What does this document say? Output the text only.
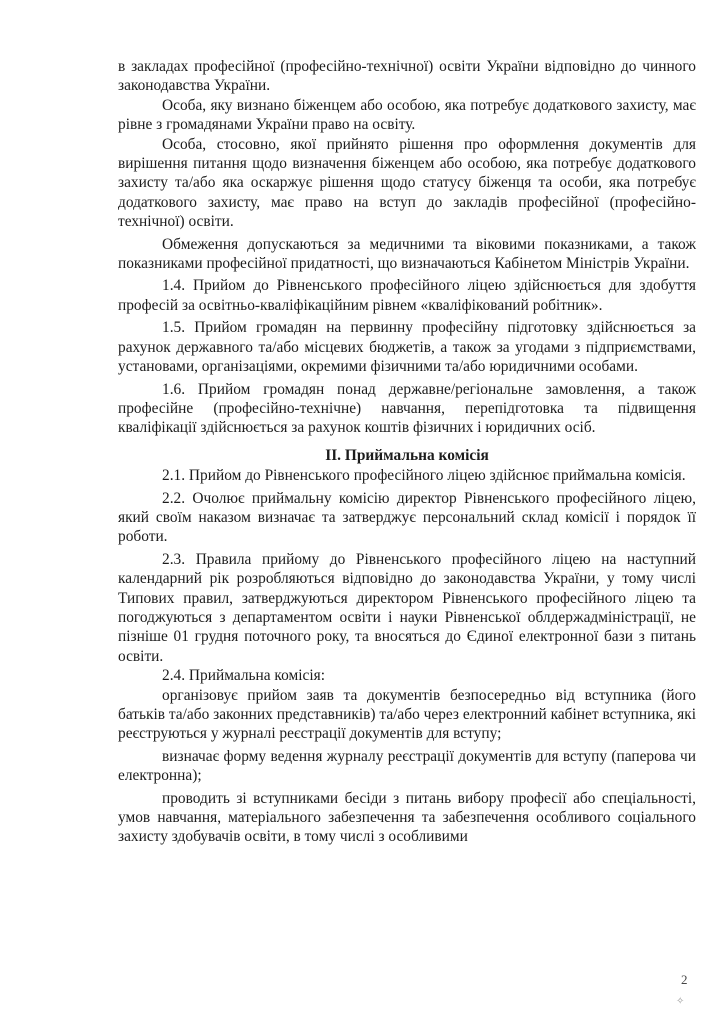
в закладах професійної (професійно-технічної) освіти України відповідно до чинного законодавства України.

Особа, яку визнано біженцем або особою, яка потребує додаткового захисту, має рівне з громадянами України право на освіту.

Особа, стосовно, якої прийнято рішення про оформлення документів для вирішення питання щодо визначення біженцем або особою, яка потребує додаткового захисту та/або яка оскаржує рішення щодо статусу біженця та особи, яка потребує додаткового захисту, має право на вступ до закладів професійної (професійно-технічної) освіти.

Обмеження допускаються за медичними та віковими показниками, а також показниками професійної придатності, що визначаються Кабінетом Міністрів України.

1.4. Прийом до Рівненського професійного ліцею здійснюється для здобуття професій за освітньо-кваліфікаційним рівнем «кваліфікований робітник».

1.5. Прийом громадян на первинну професійну підготовку здійснюється за рахунок державного та/або місцевих бюджетів, а також за угодами з підприємствами, установами, організаціями, окремими фізичними та/або юридичними особами.

1.6. Прийом громадян понад державне/регіональне замовлення, а також професійне (професійно-технічне) навчання, перепідготовка та підвищення кваліфікації здійснюється за рахунок коштів фізичних і юридичних осіб.

ІІ. Приймальна комісія

2.1. Прийом до Рівненського професійного ліцею здійснює приймальна комісія.

2.2. Очолює приймальну комісію директор Рівненського професійного ліцею, який своїм наказом визначає та затверджує персональний склад комісії і порядок її роботи.

2.3. Правила прийому до Рівненського професійного ліцею на наступний календарний рік розробляються відповідно до законодавства України, у тому числі Типових правил, затверджуються директором Рівненського професійного ліцею та погоджуються з департаментом освіти і науки Рівненської облдержадміністрації, не пізніше 01 грудня поточного року, та вносяться до Єдиної електронної бази з питань освіти.

2.4. Приймальна комісія:

організовує прийом заяв та документів безпосередньо від вступника (його батьків та/або законних представників) та/або через електронний кабінет вступника, які реєструються у журналі реєстрації документів для вступу;

визначає форму ведення журналу реєстрації документів для вступу (паперова чи електронна);

проводить зі вступниками бесіди з питань вибору професії або спеціальності, умов навчання, матеріального забезпечення та забезпечення особливого соціального захисту здобувачів освіти, в тому числі з особливими

2
✧
